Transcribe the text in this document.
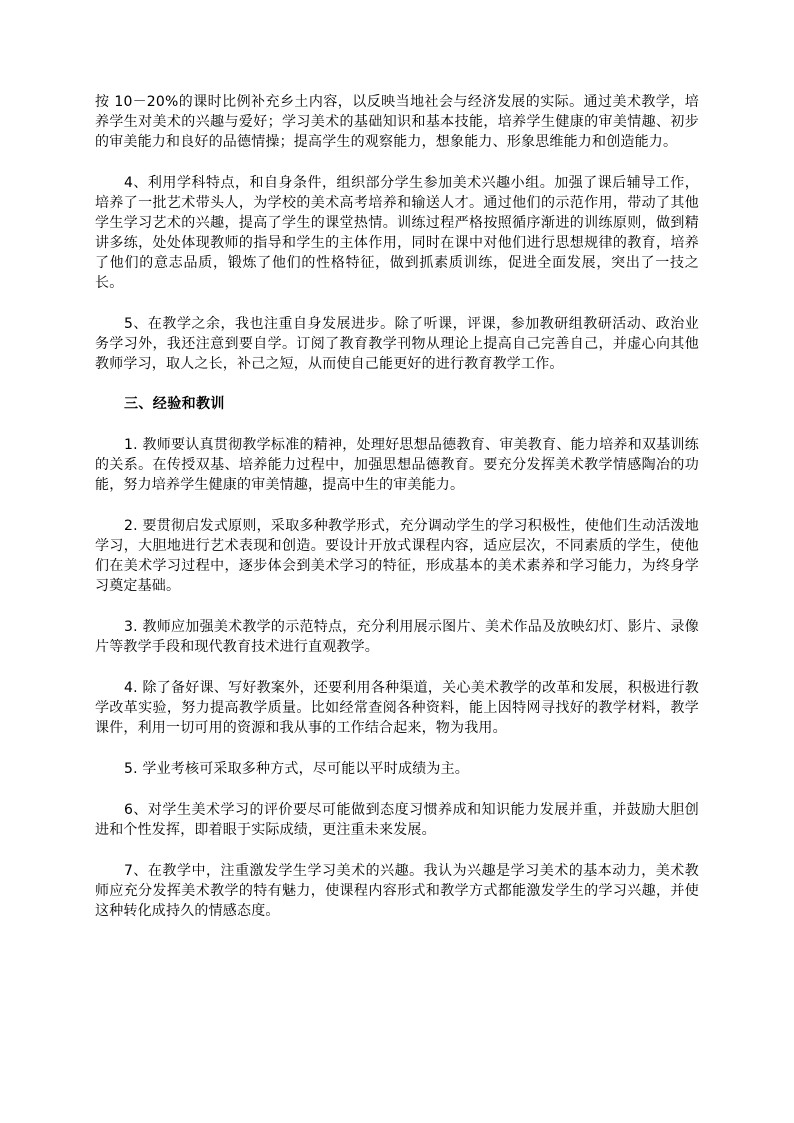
按 10－20%的课时比例补充乡土内容，以反映当地社会与经济发展的实际。通过美术教学，培养学生对美术的兴趣与爱好；学习美术的基础知识和基本技能，培养学生健康的审美情趣、初步的审美能力和良好的品德情操；提高学生的观察能力，想象能力、形象思维能力和创造能力。

4、利用学科特点，和自身条件，组织部分学生参加美术兴趣小组。加强了课后辅导工作，培养了一批艺术带头人，为学校的美术高考培养和输送人才。通过他们的示范作用，带动了其他学生学习艺术的兴趣，提高了学生的课堂热情。训练过程严格按照循序渐进的训练原则，做到精讲多练，处处体现教师的指导和学生的主体作用，同时在课中对他们进行思想规律的教育，培养了他们的意志品质，锻炼了他们的性格特征，做到抓素质训练，促进全面发展，突出了一技之长。

5、在教学之余，我也注重自身发展进步。除了听课，评课，参加教研组教研活动、政治业务学习外，我还注意到要自学。订阅了教育教学刊物从理论上提高自己完善自己，并虚心向其他教师学习，取人之长，补己之短，从而使自己能更好的进行教育教学工作。

三、经验和教训

1. 教师要认真贯彻教学标准的精神，处理好思想品德教育、审美教育、能力培养和双基训练的关系。在传授双基、培养能力过程中，加强思想品德教育。要充分发挥美术教学情感陶冶的功能，努力培养学生健康的审美情趣，提高中生的审美能力。

2. 要贯彻启发式原则，采取多种教学形式，充分调动学生的学习积极性，使他们生动活泼地学习，大胆地进行艺术表现和创造。要设计开放式课程内容，适应层次，不同素质的学生，使他们在美术学习过程中，逐步体会到美术学习的特征，形成基本的美术素养和学习能力，为终身学习奠定基础。

3. 教师应加强美术教学的示范特点，充分利用展示图片、美术作品及放映幻灯、影片、录像片等教学手段和现代教育技术进行直观教学。

4. 除了备好课、写好教案外，还要利用各种渠道，关心美术教学的改革和发展，积极进行教学改革实验，努力提高教学质量。比如经常查阅各种资料，能上因特网寻找好的教学材料，教学课件，利用一切可用的资源和我从事的工作结合起来，物为我用。

5. 学业考核可采取多种方式，尽可能以平时成绩为主。

6、对学生美术学习的评价要尽可能做到态度习惯养成和知识能力发展并重，并鼓励大胆创进和个性发挥，即着眼于实际成绩，更注重未来发展。

7、在教学中，注重激发学生学习美术的兴趣。我认为兴趣是学习美术的基本动力，美术教师应充分发挥美术教学的特有魅力，使课程内容形式和教学方式都能激发学生的学习兴趣，并使这种转化成持久的情感态度。
